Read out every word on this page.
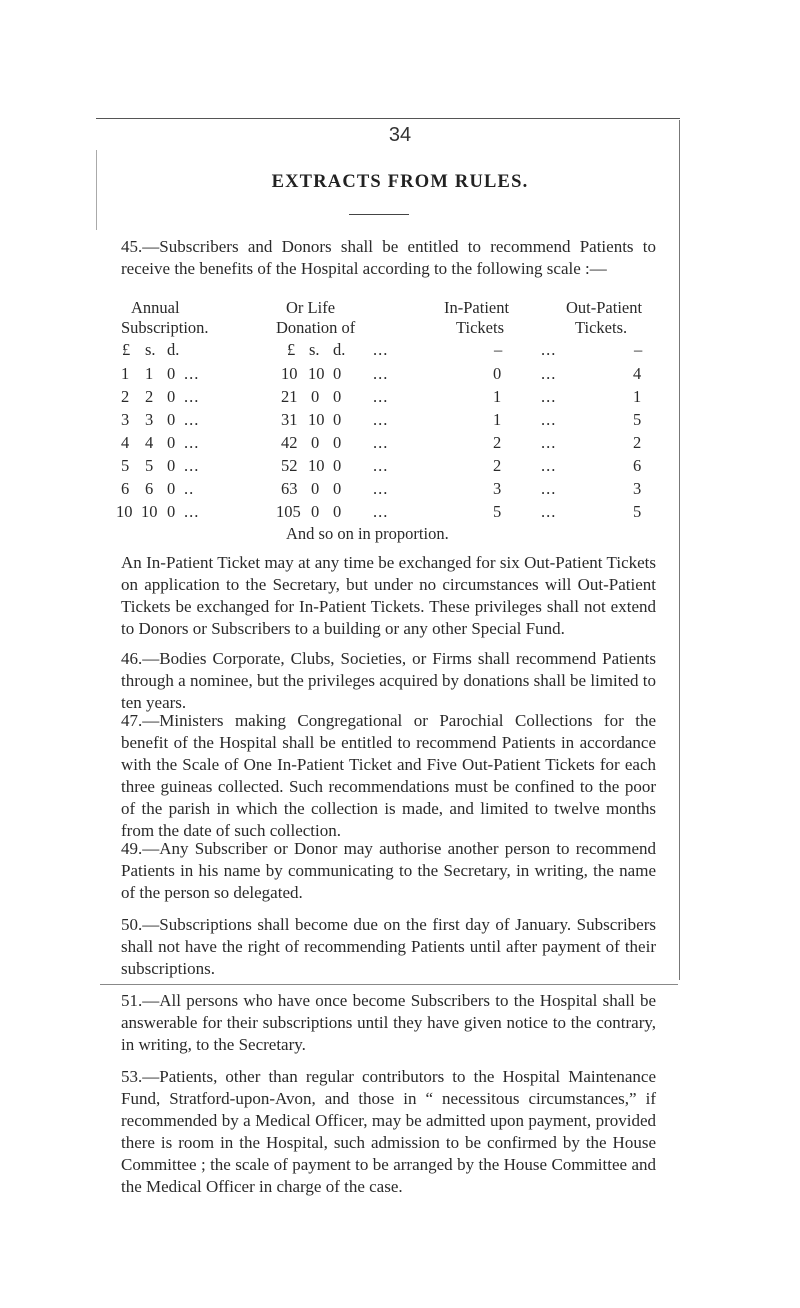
34
EXTRACTS FROM RULES.

45.—Subscribers and Donors shall be entitled to recommend Patients to receive the benefits of the Hospital according to the following scale :—

Annual
Subscription.
Or Life
Donation of
In-Patient
Tickets
Out-Patient
Tickets.
£ s. d.	£ s. d. ...	– ...	–
1 1 0 ...	10 10 0 ...	0 ...	4
2 2 0 ...	21 0 0 ...	1 ...	1
3 3 0 ...	31 10 0 ...	1 ...	5
4 4 0 ...	42 0 0 ...	2 ...	2
5 5 0 ...	52 10 0 ...	2 ...	6
6 6 0 ..	63 0 0 ...	3 ...	3
10 10 0 ...	105 0 0 ...	5 ...	5
And so on in proportion.

An In-Patient Ticket may at any time be exchanged for six Out-Patient Tickets on application to the Secretary, but under no circumstances will Out-Patient Tickets be exchanged for In-Patient Tickets. These privileges shall not extend to Donors or Subscribers to a building or any other Special Fund.

46.—Bodies Corporate, Clubs, Societies, or Firms shall recommend Patients through a nominee, but the privileges acquired by donations shall be limited to ten years.

47.—Ministers making Congregational or Parochial Collections for the benefit of the Hospital shall be entitled to recommend Patients in accordance with the Scale of One In-Patient Ticket and Five Out-Patient Tickets for each three guineas collected. Such recommendations must be confined to the poor of the parish in which the collection is made, and limited to twelve months from the date of such collection.

49.—Any Subscriber or Donor may authorise another person to recommend Patients in his name by communicating to the Secretary, in writing, the name of the person so delegated.

50.—Subscriptions shall become due on the first day of January. Subscribers shall not have the right of recommending Patients until after payment of their subscriptions.

51.—All persons who have once become Subscribers to the Hospital shall be answerable for their subscriptions until they have given notice to the contrary, in writing, to the Secretary.

53.—Patients, other than regular contributors to the Hospital Maintenance Fund, Stratford-upon-Avon, and those in “ necessitous circumstances,” if recommended by a Medical Officer, may be admitted upon payment, provided there is room in the Hospital, such admission to be confirmed by the House Committee ; the scale of payment to be arranged by the House Committee and the Medical Officer in charge of the case.
